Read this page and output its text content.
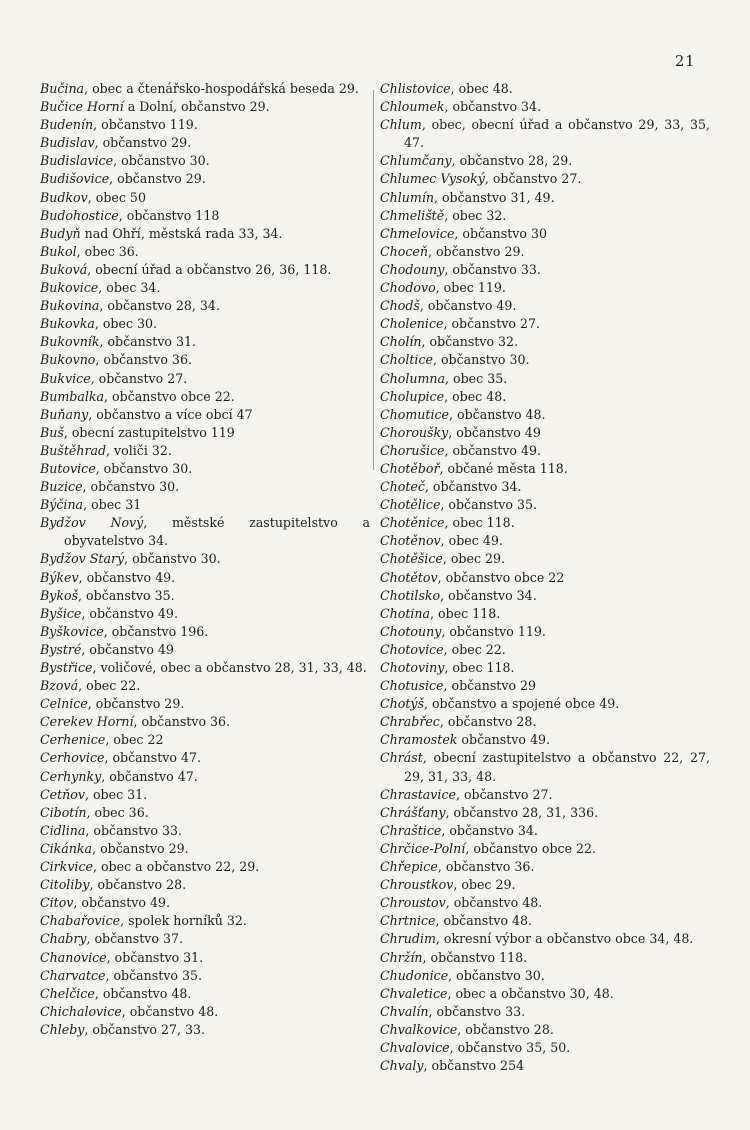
21
Bučina, obec a čtenářsko-hospodářská beseda 29.
Bučice Horní a Dolní, občanstvo 29.
Budenín, občanstvo 119.
Budislav, občanstvo 29.
Budislavice, občanstvo 30.
Budišovice, občanstvo 29.
Budkov, obec 50
Budohostice, občanstvo 118
Budyň nad Ohří, městská rada 33, 34.
Bukol, obec 36.
Buková, obecní úřad a občanstvo 26, 36, 118.
Bukovice, obec 34.
Bukovina, občanstvo 28, 34.
Bukovka, obec 30.
Bukovník, občanstvo 31.
Bukovno, občanstvo 36.
Bukvice, občanstvo 27.
Bumbalka, občanstvo obce 22.
Buňany, občanstvo a více obcí 47
Buš, obecní zastupitelstvo 119
Buštěhrad, voliči 32.
Butovice, občanstvo 30.
Buzice, občanstvo 30.
Býčina, obec 31
Bydžov Nový, městské zastupitelstvo a obyvatelstvo 34.
Bydžov Starý, občanstvo 30.
Býkev, občanstvo 49.
Bykoš, občanstvo 35.
Byšice, občanstvo 49.
Byškovice, občanstvo 196.
Bystré, občanstvo 49
Bystřice, voličové, obec a občanstvo 28, 31, 33, 48.
Bzová, obec 22.
Celnice, občanstvo 29.
Cerekev Horní, občanstvo 36.
Cerhenice, obec 22
Cerhovice, občanstvo 47.
Cerhynky, občanstvo 47.
Cetňov, obec 31.
Cibotín, obec 36.
Cidlina, občanstvo 33.
Cikánka, občanstvo 29.
Cirkvice, obec a občanstvo 22, 29.
Citoliby, občanstvo 28.
Citov, občanstvo 49.
Chabařovice, spolek horníků 32.
Chabry, občanstvo 37.
Chanovice, občanstvo 31.
Charvatce, občanstvo 35.
Chelčice, občanstvo 48.
Chichalovice, občanstvo 48.
Chleby, občanstvo 27, 33.
Chlistovice, obec 48.
Chloumek, občanstvo 34.
Chlum, obec, obecní úřad a občanstvo 29, 33, 35, 47.
Chlumčany, občanstvo 28, 29.
Chlumec Vysoký, občanstvo 27.
Chlumín, občanstvo 31, 49.
Chmeliště, obec 32.
Chmelovice, občanstvo 30
Choceň, občanstvo 29.
Chodouny, občanstvo 33.
Chodovo, obec 119.
Chodš, občanstvo 49.
Cholenice, občanstvo 27.
Cholín, občanstvo 32.
Choltice, občanstvo 30.
Cholumna, obec 35.
Cholupice, obec 48.
Chomutice, občanstvo 48.
Choroušky, občanstvo 49
Chorušice, občanstvo 49.
Chotěboř, občané města 118.
Choteč, občanstvo 34.
Chotělice, občanstvo 35.
Chotěnice, obec 118.
Chotěnov, obec 49.
Chotěšice, obec 29.
Chotětov, občanstvo obce 22
Chotilsko, občanstvo 34.
Chotina, obec 118.
Chotouny, občanstvo 119.
Chotovice, obec 22.
Chotoviny, obec 118.
Chotusice, občanstvo 29
Chotýš, občanstvo a spojené obce 49.
Chrabřec, občanstvo 28.
Chramostek občanstvo 49.
Chrást, obecní zastupitelstvo a občanstvo 22, 27, 29, 31, 33, 48.
Chrastavice, občanstvo 27.
Chrášťany, občanstvo 28, 31, 336.
Chraštice, občanstvo 34.
Chrčice-Polní, občanstvo obce 22.
Chřepice, občanstvo 36.
Chroustkov, obec 29.
Chroustov, občanstvo 48.
Chrtnice, občanstvo 48.
Chrudim, okresní výbor a občanstvo obce 34, 48.
Chržín, občanstvo 118.
Chudonice, občanstvo 30.
Chvaletice, obec a občanstvo 30, 48.
Chvalín, občanstvo 33.
Chvalkovice, občanstvo 28.
Chvalovice, občanstvo 35, 50.
Chvaly, občanstvo 254
